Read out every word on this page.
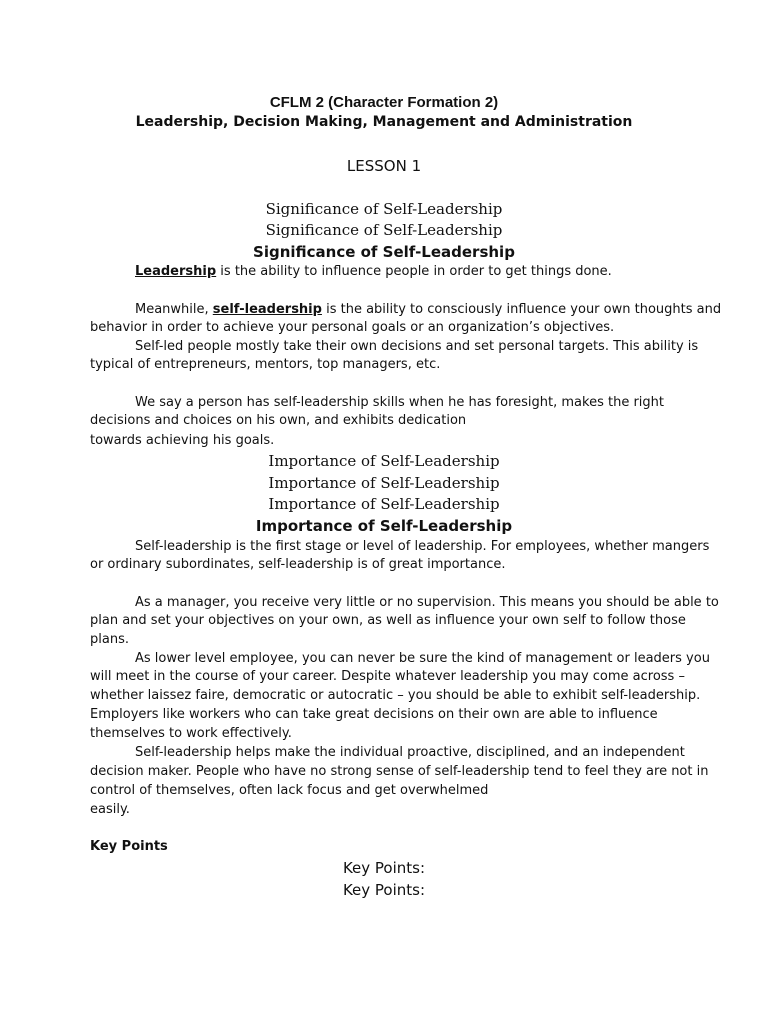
CFLM 2 (Character Formation 2)
Leadership, Decision Making, Management and Administration
LESSON 1
Significance of Self-Leadership
Significance of Self-Leadership
Significance of Self-Leadership
Leadership is the ability to influence people in order to get things done.
Meanwhile, self-leadership is the ability to consciously influence your own thoughts and
behavior in order to achieve your personal goals or an organization’s objectives.
Self-led people mostly take their own decisions and set personal targets. This ability is
typical of entrepreneurs, mentors, top managers, etc.
We say a person has self-leadership skills when he has foresight, makes the right
decisions and choices on his own, and exhibits dedication
towards achieving his goals.
Importance of Self-Leadership
Importance of Self-Leadership
Importance of Self-Leadership
Importance of Self-Leadership
Self-leadership is the first stage or level of leadership. For employees, whether mangers
or ordinary subordinates, self-leadership is of great importance.
As a manager, you receive very little or no supervision. This means you should be able to
plan and set your objectives on your own, as well as influence your own self to follow those
plans.
As lower level employee, you can never be sure the kind of management or leaders you
will meet in the course of your career. Despite whatever leadership you may come across –
whether laissez faire, democratic or autocratic – you should be able to exhibit self-leadership.
Employers like workers who can take great decisions on their own are able to influence
themselves to work effectively.
Self-leadership helps make the individual proactive, disciplined, and an independent
decision maker. People who have no strong sense of self-leadership tend to feel they are not in
control of themselves, often lack focus and get overwhelmed
easily.
Key Points
Key Points:
Key Points:
